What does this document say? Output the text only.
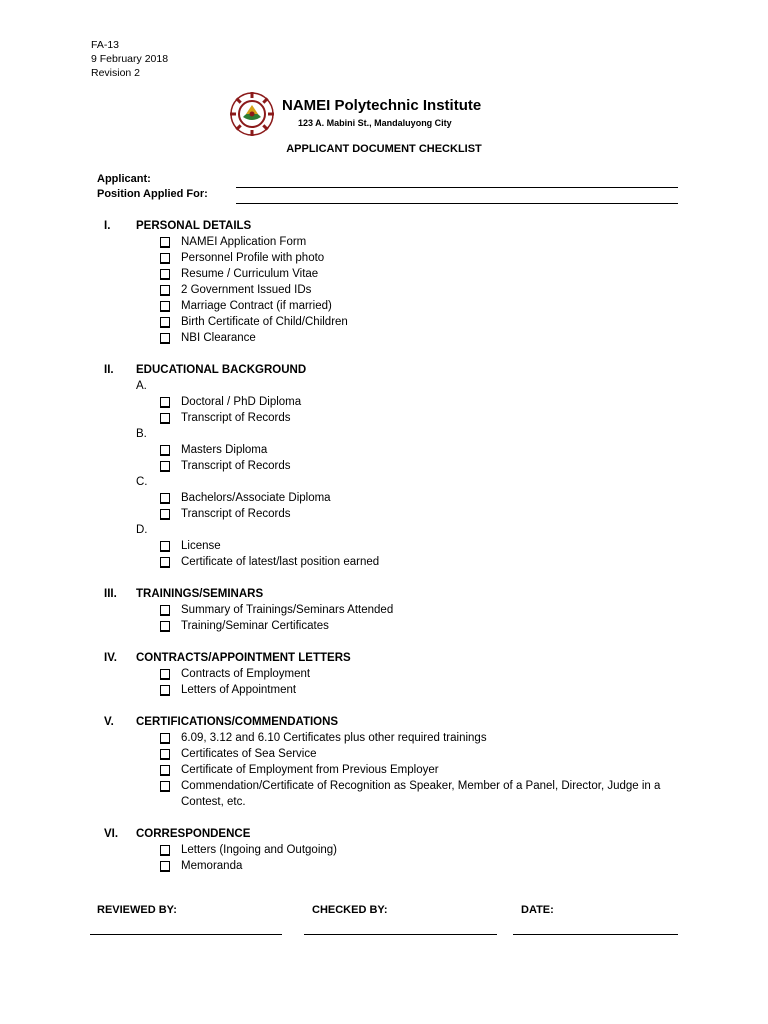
FA-13
9 February 2018
Revision 2
NAMEI Polytechnic Institute
123 A. Mabini St., Mandaluyong City
APPLICANT DOCUMENT CHECKLIST
Applicant:
Position Applied For:
I. PERSONAL DETAILS
NAMEI Application Form
Personnel Profile with photo
Resume / Curriculum Vitae
2 Government Issued IDs
Marriage Contract (if married)
Birth Certificate of Child/Children
NBI Clearance
II. EDUCATIONAL BACKGROUND
A.
Doctoral / PhD Diploma
Transcript of Records
B.
Masters Diploma
Transcript of Records
C.
Bachelors/Associate Diploma
Transcript of Records
D.
License
Certificate of latest/last position earned
III. TRAININGS/SEMINARS
Summary of Trainings/Seminars Attended
Training/Seminar Certificates
IV. CONTRACTS/APPOINTMENT LETTERS
Contracts of Employment
Letters of Appointment
V. CERTIFICATIONS/COMMENDATIONS
6.09, 3.12 and 6.10 Certificates plus other required trainings
Certificates of Sea Service
Certificate of Employment from Previous Employer
Commendation/Certificate of Recognition as Speaker, Member of a Panel, Director, Judge in a Contest, etc.
VI. CORRESPONDENCE
Letters (Ingoing and Outgoing)
Memoranda
REVIEWED BY:	CHECKED BY:	DATE:
